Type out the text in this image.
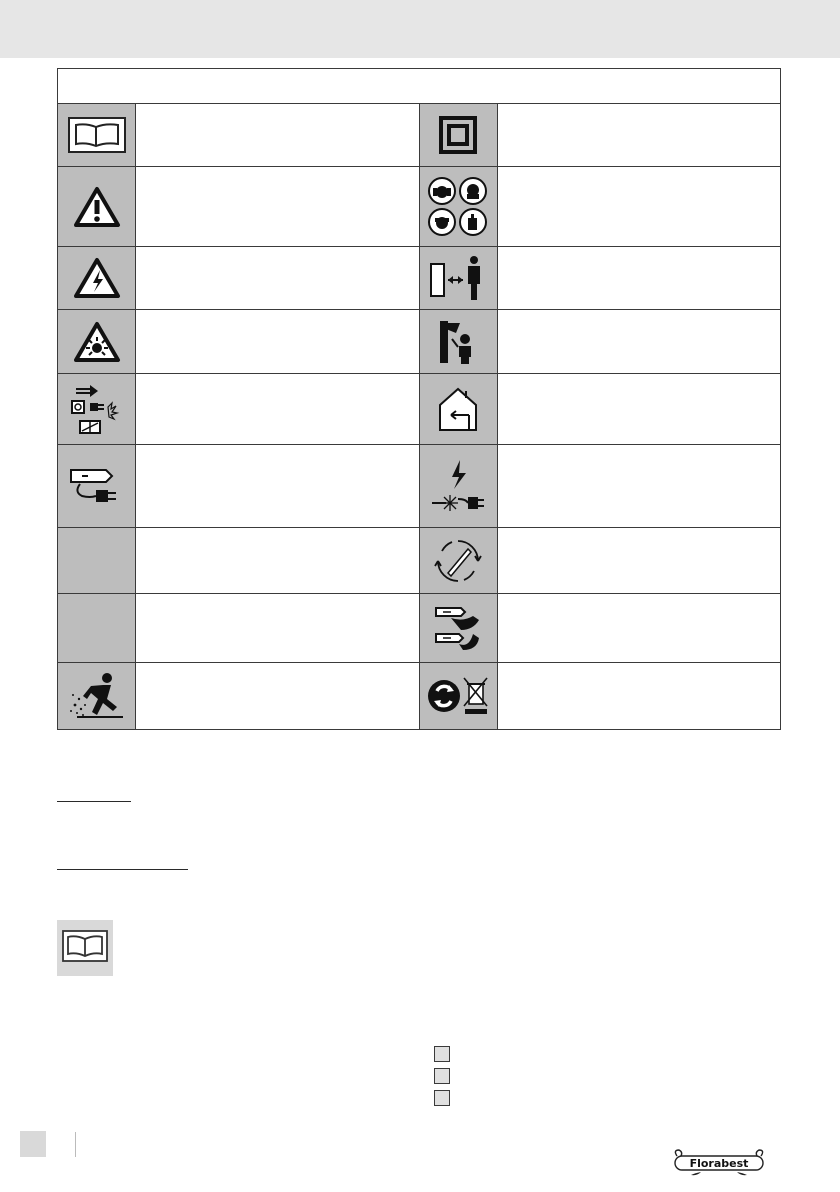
Florabest
